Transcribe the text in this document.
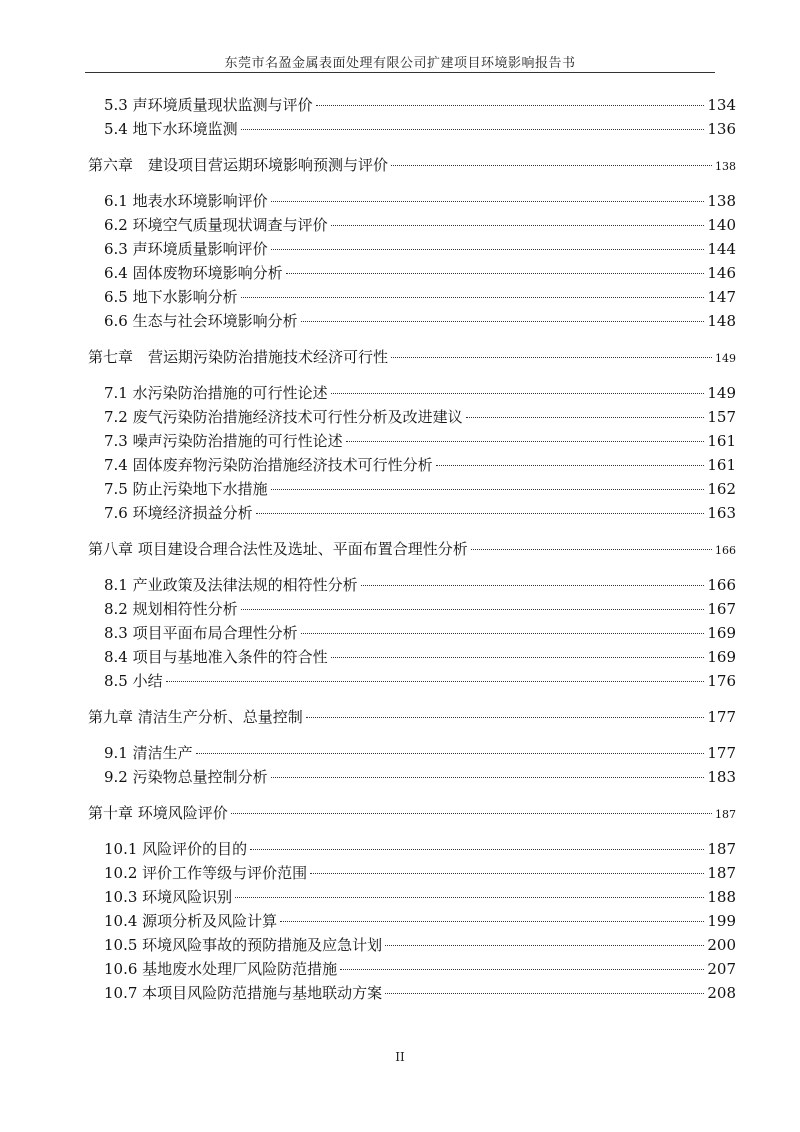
东莞市名盈金属表面处理有限公司扩建项目环境影响报告书
5.3 声环境质量现状监测与评价	134
5.4 地下水环境监测	136
第六章　建设项目营运期环境影响预测与评价	138
6.1 地表水环境影响评价	138
6.2 环境空气质量现状调查与评价	140
6.3 声环境质量影响评价	144
6.4 固体废物环境影响分析	146
6.5 地下水影响分析	147
6.6 生态与社会环境影响分析	148
第七章　营运期污染防治措施技术经济可行性	149
7.1 水污染防治措施的可行性论述	149
7.2 废气污染防治措施经济技术可行性分析及改进建议	157
7.3 噪声污染防治措施的可行性论述	161
7.4 固体废弃物污染防治措施经济技术可行性分析	161
7.5 防止污染地下水措施	162
7.6 环境经济损益分析	163
第八章 项目建设合理合法性及选址、平面布置合理性分析	166
8.1 产业政策及法律法规的相符性分析	166
8.2 规划相符性分析	167
8.3 项目平面布局合理性分析	169
8.4 项目与基地准入条件的符合性	169
8.5 小结	176
第九章 清洁生产分析、总量控制	177
9.1 清洁生产	177
9.2 污染物总量控制分析	183
第十章 环境风险评价	187
10.1 风险评价的目的	187
10.2 评价工作等级与评价范围	187
10.3 环境风险识别	188
10.4 源项分析及风险计算	199
10.5 环境风险事故的预防措施及应急计划	200
10.6 基地废水处理厂风险防范措施	207
10.7 本项目风险防范措施与基地联动方案	208
II
